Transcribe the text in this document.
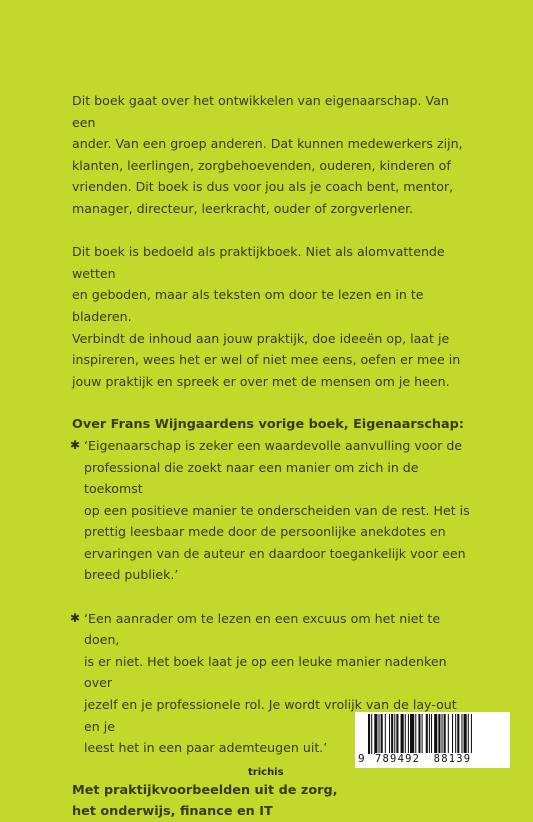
Dit boek gaat over het ontwikkelen van eigenaarschap. Van een
ander. Van een groep anderen. Dat kunnen medewerkers zijn,
klanten, leerlingen, zorgbehoevenden, ouderen, kinderen of
vrienden. Dit boek is dus voor jou als je coach bent, mentor,
manager, directeur, leerkracht, ouder of zorgverlener.

Dit boek is bedoeld als praktijkboek. Niet als alomvattende wetten
en geboden, maar als teksten om door te lezen en in te bladeren.
Verbindt de inhoud aan jouw praktijk, doe ideeën op, laat je
inspireren, wees het er wel of niet mee eens, oefen er mee in
jouw praktijk en spreek er over met de mensen om je heen.

Over Frans Wijngaardens vorige boek, Eigenaarschap:

✱ ‘Eigenaarschap is zeker een waardevolle aanvulling voor de
professional die zoekt naar een manier om zich in de toekomst
op een positieve manier te onderscheiden van de rest. Het is
prettig leesbaar mede door de persoonlijke anekdotes en
ervaringen van de auteur en daardoor toegankelijk voor een
breed publiek.’
✱ ‘Een aanrader om te lezen en een excuus om het niet te doen,
is er niet. Het boek laat je op een leuke manier nadenken over
jezelf en je professionele rol. Je wordt vrolijk van de lay-out en je
leest het in een paar ademteugen uit.’

Met praktijkvoorbeelden uit de zorg,
het onderwijs, finance en IT

9 789492 88139
trichis
